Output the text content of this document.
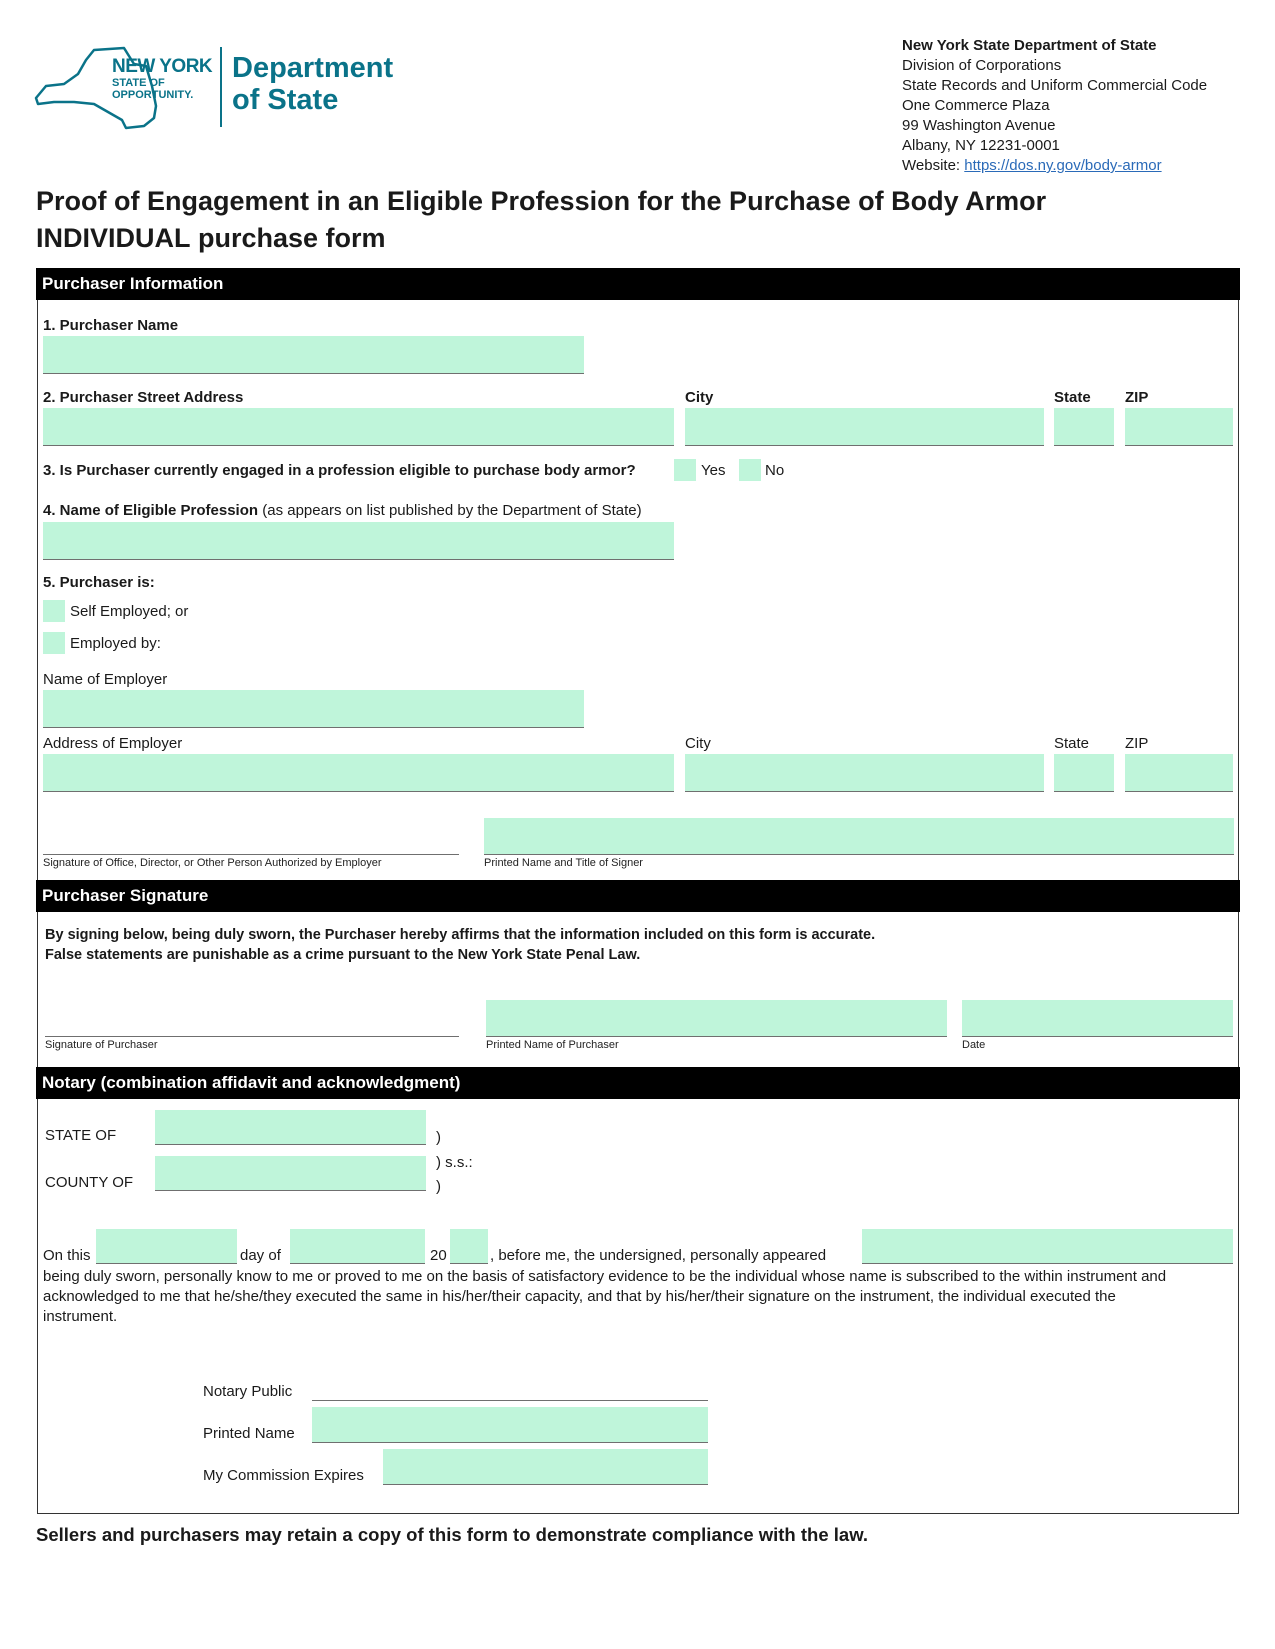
NEW YORK
STATE OF
OPPORTUNITY.
Department
of State
New York State Department of State
Division of Corporations
State Records and Uniform Commercial Code
One Commerce Plaza
99 Washington Avenue
Albany, NY 12231-0001
Website: https://dos.ny.gov/body-armor
Proof of Engagement in an Eligible Profession for the Purchase of Body Armor
INDIVIDUAL purchase form
Purchaser Information
1. Purchaser Name
2. Purchaser Street Address	City	State ZIP
3. Is Purchaser currently engaged in a profession eligible to purchase body armor?	Yes	No
4. Name of Eligible Profession (as appears on list published by the Department of State)
5. Purchaser is:
Self Employed; or
Employed by:
Name of Employer
Address of Employer	City	State ZIP
Signature of Office, Director, or Other Person Authorized by Employer	Printed Name and Title of Signer
Purchaser Signature
By signing below, being duly sworn, the Purchaser hereby affirms that the information included on this form is accurate.
False statements are punishable as a crime pursuant to the New York State Penal Law.
Signature of Purchaser	Printed Name of Purchaser	Date
Notary (combination affidavit and acknowledgment)
STATE OF	)
) s.s.:
COUNTY OF	)
On this	day of	20	, before me, the undersigned, personally appeared
being duly sworn, personally know to me or proved to me on the basis of satisfactory evidence to be the individual whose name is subscribed to the within instrument and acknowledged to me that he/she/they executed the same in his/her/their capacity, and that by his/her/their signature on the instrument, the individual executed the instrument.
Notary Public
Printed Name
My Commission Expires
Sellers and purchasers may retain a copy of this form to demonstrate compliance with the law.
